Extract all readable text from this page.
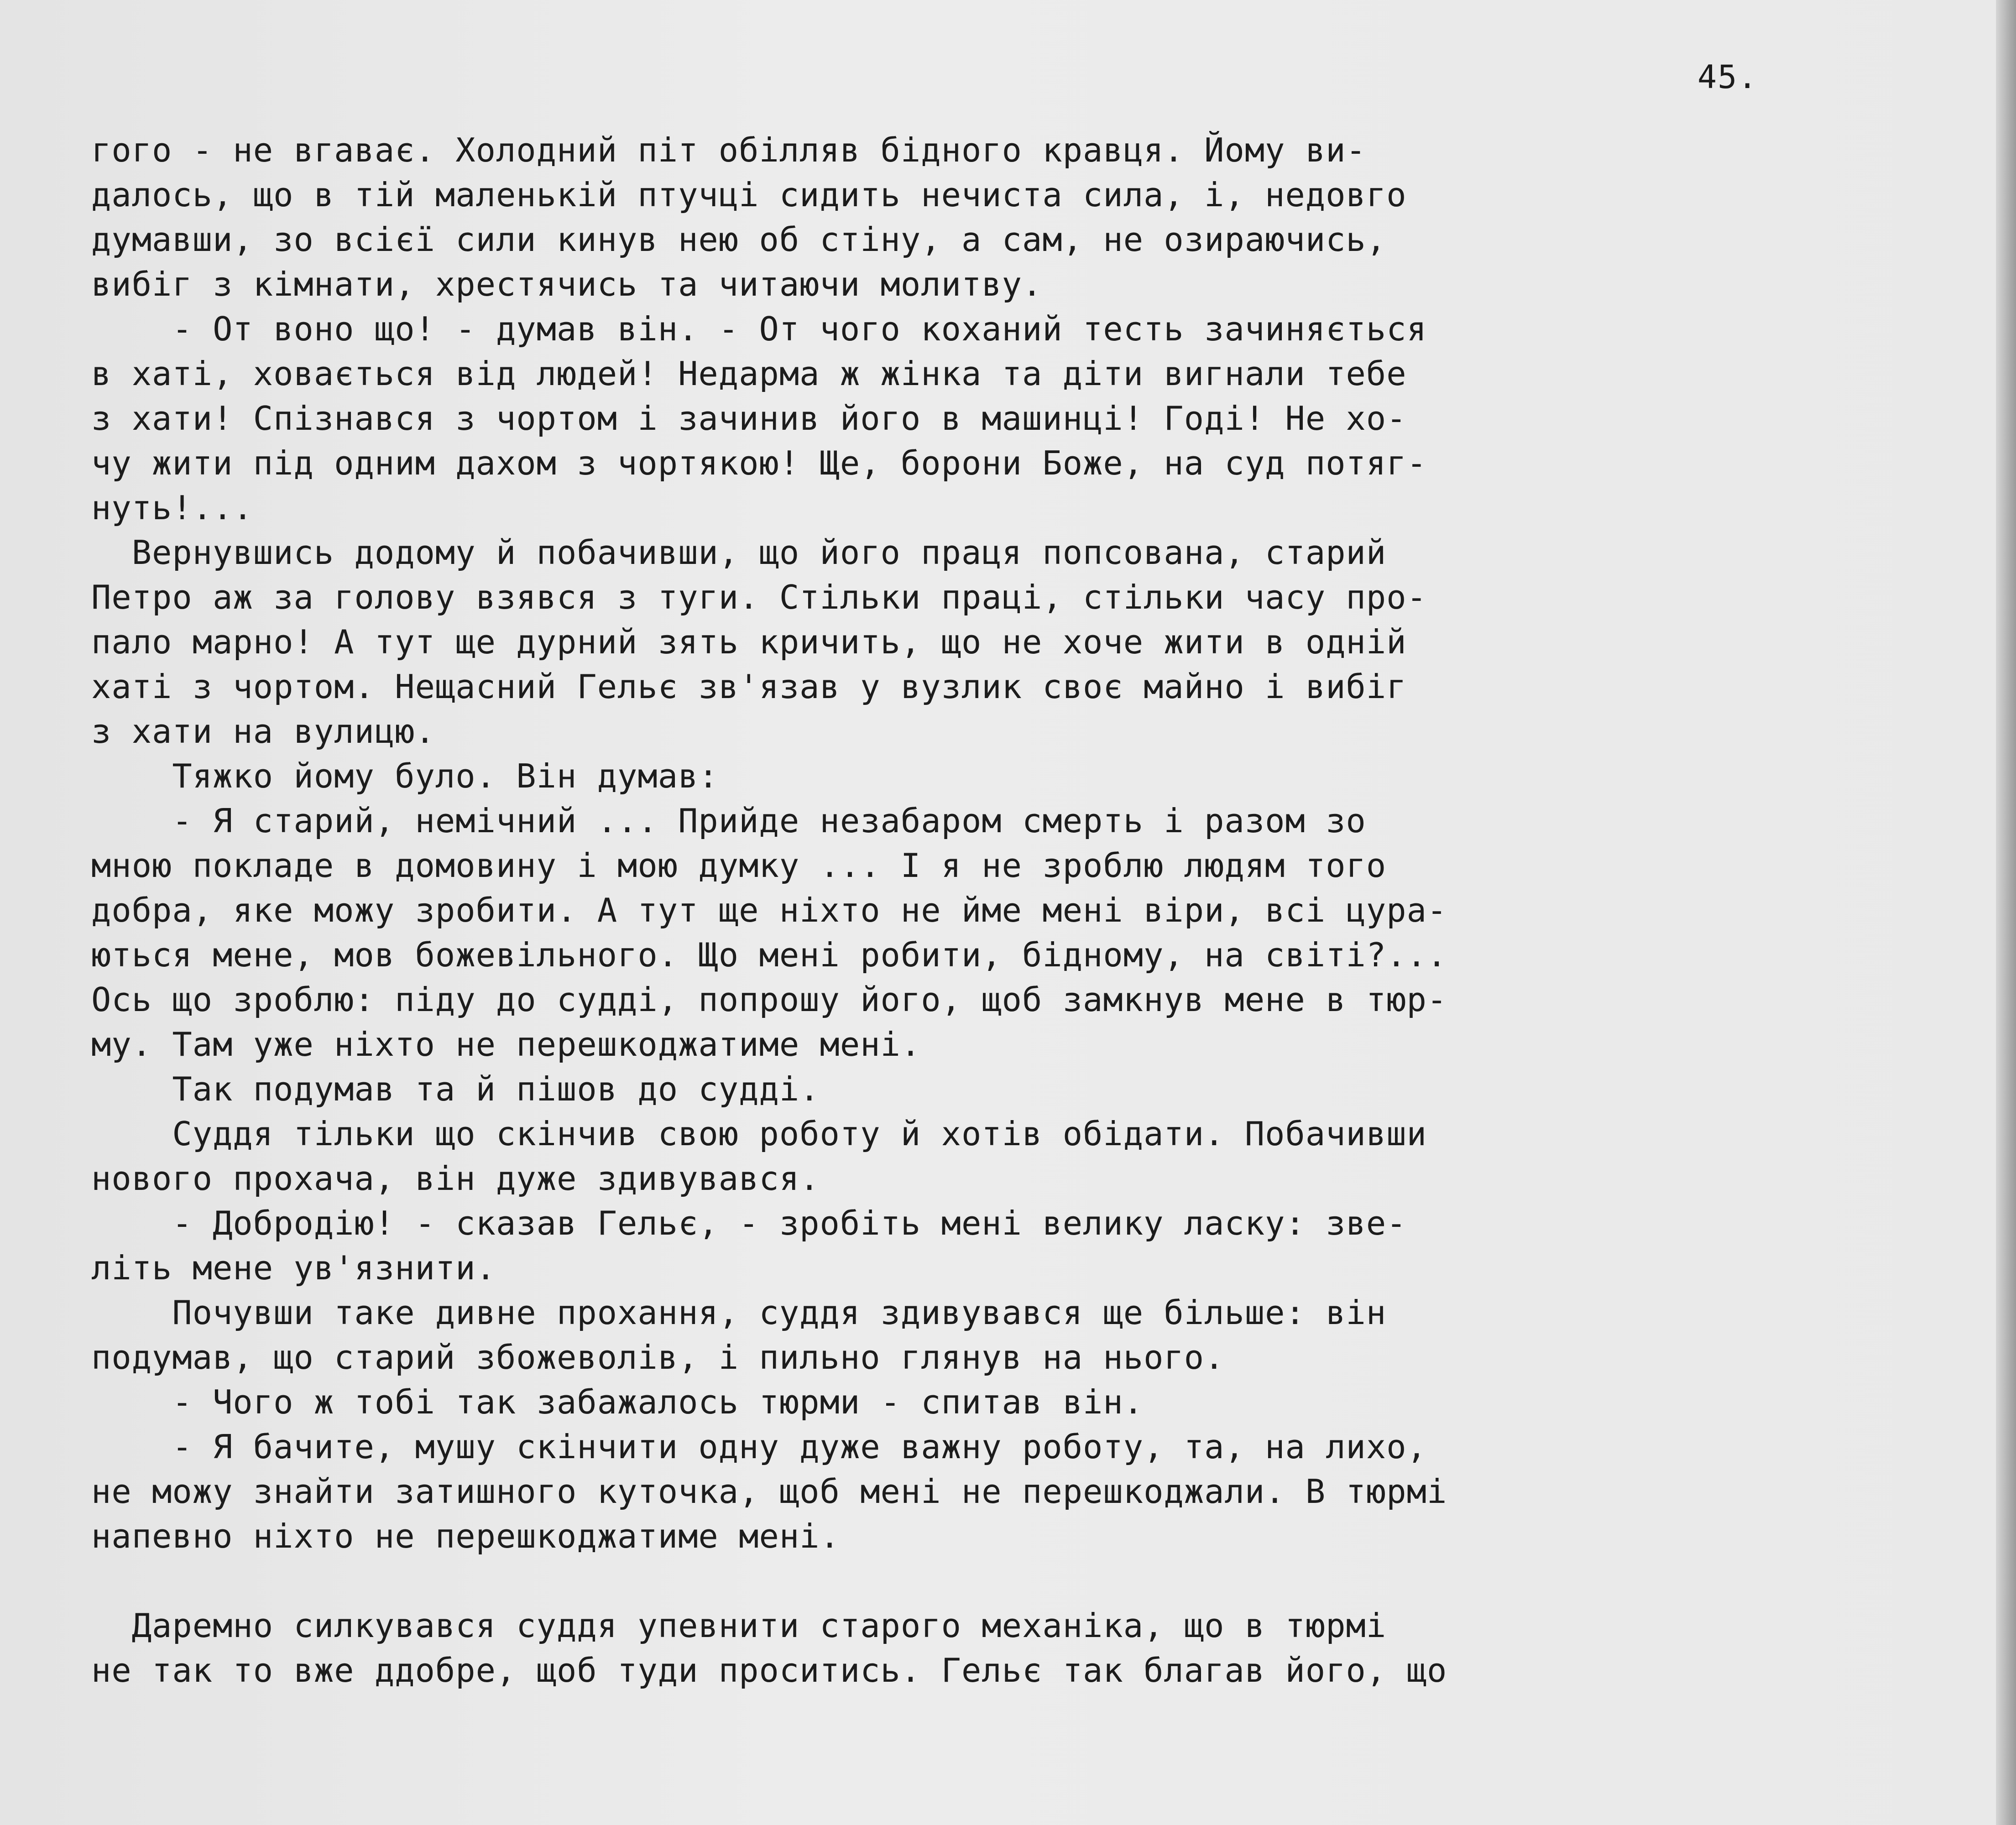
45.
гого - не вгаває. Холодний піт обілляв бідного кравця. Йому ви-
далось, що в тій маленькій птучці сидить нечиста сила, і, недовго
думавши, зо всієї сили кинув нею об стіну, а сам, не озираючись,
вибіг з кімнати, хрестячись та читаючи молитву.
- От воно що! - думав він. - От чого коханий тесть зачиняється
в хаті, ховається від людей! Недарма ж жінка та діти вигнали тебе
з хати! Спізнався з чортом і зачинив його в машинці! Годі! Не хо-
чу жити під одним дахом з чортякою! Ще, борони Боже, на суд потяг-
нуть!...
Вернувшись додому й побачивши, що його праця попсована, старий
Петро аж за голову взявся з туги. Стільки праці, стільки часу про-
пало марно! А тут ще дурний зять кричить, що не хоче жити в одній
хаті з чортом. Нещасний Гельє зв'язав у вузлик своє майно і вибіг
з хати на вулицю.
Тяжко йому було. Він думав:
- Я старий, немічний ... Прийде незабаром смерть і разом зо
мною покладе в домовину і мою думку ... І я не зроблю людям того
добра, яке можу зробити. А тут ще ніхто не йме мені віри, всі цура-
ються мене, мов божевільного. Що мені робити, бідному, на світі?...
Ось що зроблю: піду до судді, попрошу його, щоб замкнув мене в тюр-
му. Там уже ніхто не перешкоджатиме мені.
Так подумав та й пішов до судді.
Суддя тільки що скінчив свою роботу й хотів обідати. Побачивши
нового прохача, він дуже здивувався.
- Добродію! - сказав Гельє, - зробіть мені велику ласку: зве-
літь мене ув'язнити.
Почувши таке дивне прохання, суддя здивувався ще більше: він
подумав, що старий збожеволів, і пильно глянув на нього.
- Чого ж тобі так забажалось тюрми - спитав він.
- Я бачите, мушу скінчити одну дуже важну роботу, та, на лихо,
не можу знайти затишного куточка, щоб мені не перешкоджали. В тюрмі
напевно ніхто не перешкоджатиме мені.
Даремно силкувався суддя упевнити старого механіка, що в тюрмі
не так то вже ддобре, щоб туди проситись. Гельє так благав його, що
